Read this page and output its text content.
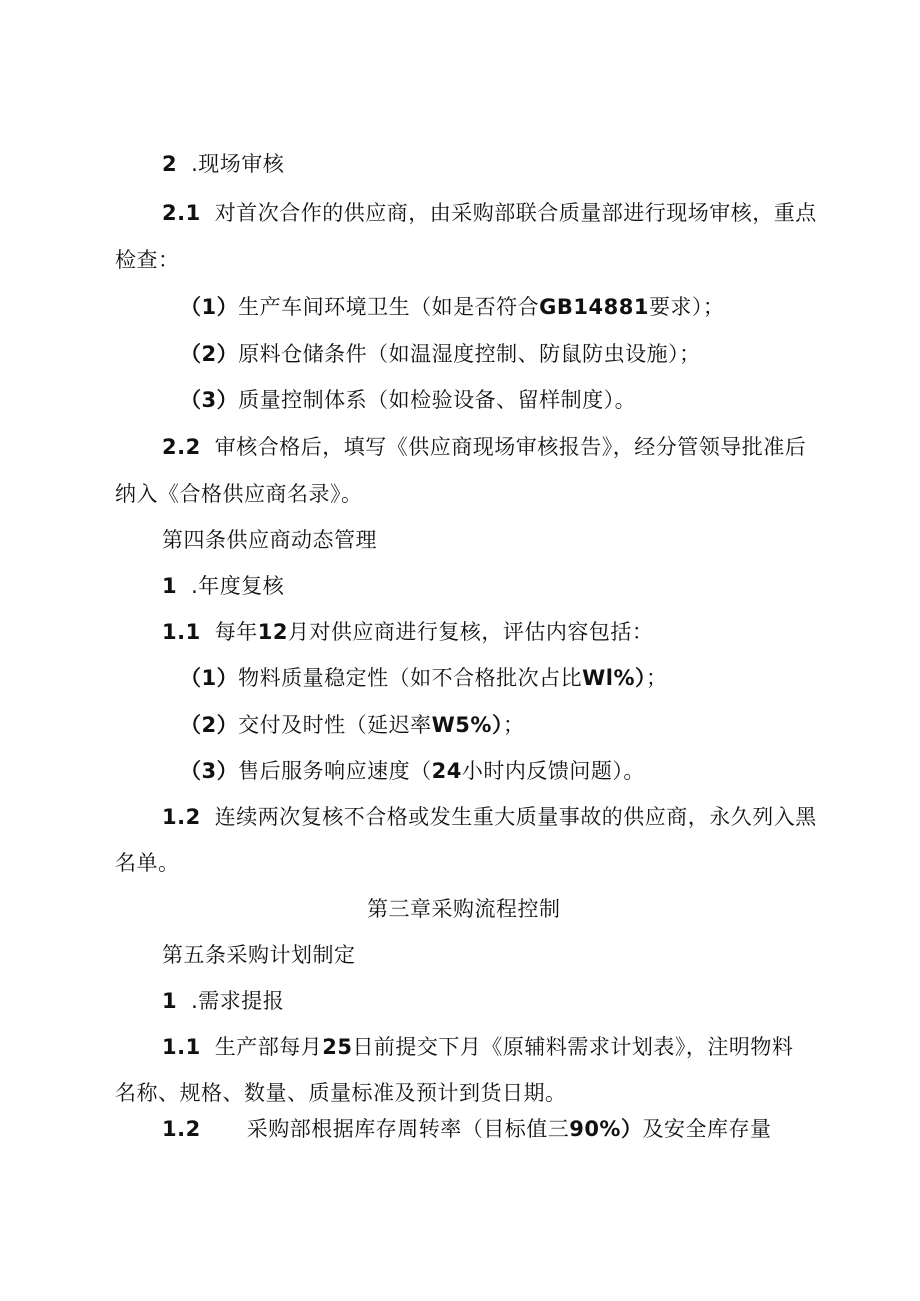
2 .现场审核
2.1 对首次合作的供应商，由采购部联合质量部进行现场审核，重点
检查：
（1）生产车间环境卫生（如是否符合GB14881要求）；
（2）原料仓储条件（如温湿度控制、防鼠防虫设施）；
（3）质量控制体系（如检验设备、留样制度）。
2.2 审核合格后，填写《供应商现场审核报告》，经分管领导批准后
纳入《合格供应商名录》。
第四条供应商动态管理
1 .年度复核
1.1 每年12月对供应商进行复核，评估内容包括：
（1）物料质量稳定性（如不合格批次占比Wl%）；
（2）交付及时性（延迟率W5%）；
（3）售后服务响应速度（24小时内反馈问题）。
1.2 连续两次复核不合格或发生重大质量事故的供应商，永久列入黑
名单。
第三章采购流程控制
第五条采购计划制定
1 .需求提报
1.1 生产部每月25日前提交下月《原辅料需求计划表》，注明物料
名称、规格、数量、质量标准及预计到货日期。
1.2 采购部根据库存周转率（目标值三90%）及安全库存量
